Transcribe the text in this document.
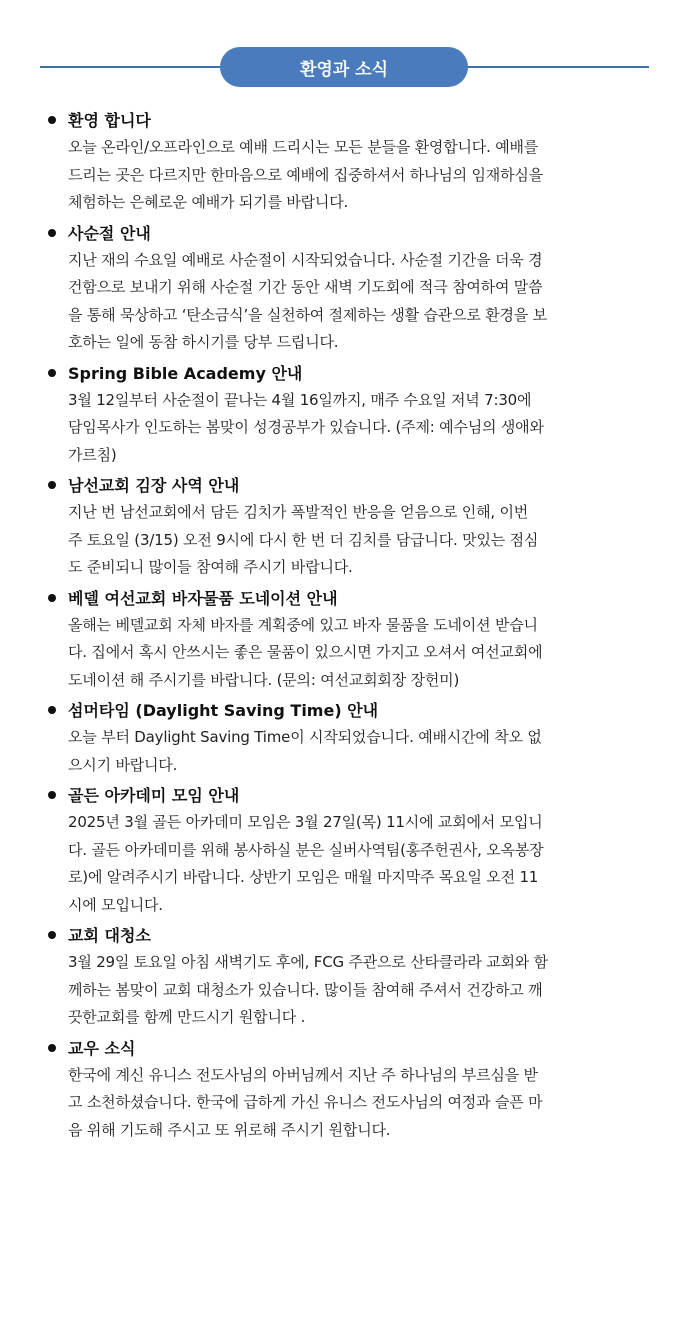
환영과 소식
환영 합니다
오늘 온라인/오프라인으로 예배 드리시는 모든 분들을 환영합니다. 예배를
드리는 곳은 다르지만 한마음으로 예배에 집중하셔서 하나님의 임재하심을
체험하는 은혜로운 예배가 되기를 바랍니다.
사순절 안내
지난 재의 수요일 예배로 사순절이 시작되었습니다. 사순절 기간을 더욱 경
건함으로 보내기 위해 사순절 기간 동안 새벽 기도회에 적극 참여하여 말씀
을 통해 묵상하고 ‘탄소금식’을 실천하여 절제하는 생활 습관으로 환경을 보
호하는 일에 동참 하시기를 당부 드립니다.
Spring Bible Academy 안내
3월 12일부터 사순절이 끝나는 4월 16일까지, 매주 수요일 저녁 7:30에
담임목사가 인도하는 봄맞이 성경공부가 있습니다. (주제: 예수님의 생애와
가르침)
남선교회 김장 사역 안내
지난 번 남선교회에서 담든 김치가 폭발적인 반응을 얻음으로 인해, 이번
주 토요일 (3/15) 오전 9시에 다시 한 번 더 김치를 담급니다. 맛있는 점심
도 준비되니 많이들 참여해 주시기 바랍니다.
베델 여선교회 바자물품 도네이션 안내
올해는 베델교회 자체 바자를 계획중에 있고 바자 물품을 도네이션 받습니
다. 집에서 혹시 안쓰시는 좋은 물품이 있으시면 가지고 오셔서 여선교회에
도네이션 해 주시기를 바랍니다. (문의: 여선교회회장 장헌미)
섬머타임 (Daylight Saving Time) 안내
오늘 부터 Daylight Saving Time이 시작되었습니다. 예배시간에 착오 없
으시기 바랍니다.
골든 아카데미 모임 안내
2025년 3월 골든 아카데미 모임은 3월 27일(목) 11시에 교회에서 모입니
다. 골든 아카데미를 위해 봉사하실 분은 실버사역팀(홍주헌권사, 오옥봉장
로)에 알려주시기 바랍니다. 상반기 모임은 매월 마지막주 목요일 오전 11
시에 모입니다.
교회 대청소
3월 29일 토요일 아침 새벽기도 후에, FCG 주관으로 산타클라라 교회와 함
께하는 봄맞이 교회 대청소가 있습니다. 많이들 참여해 주셔서 건강하고 깨
끗한교회를 함께 만드시기 원합니다 .
교우 소식
한국에 계신 유니스 전도사님의 아버님께서 지난 주 하나님의 부르심을 받
고 소천하셨습니다. 한국에 급하게 가신 유니스 전도사님의 여정과 슬픈 마
음 위해 기도해 주시고 또 위로해 주시기 원합니다.
